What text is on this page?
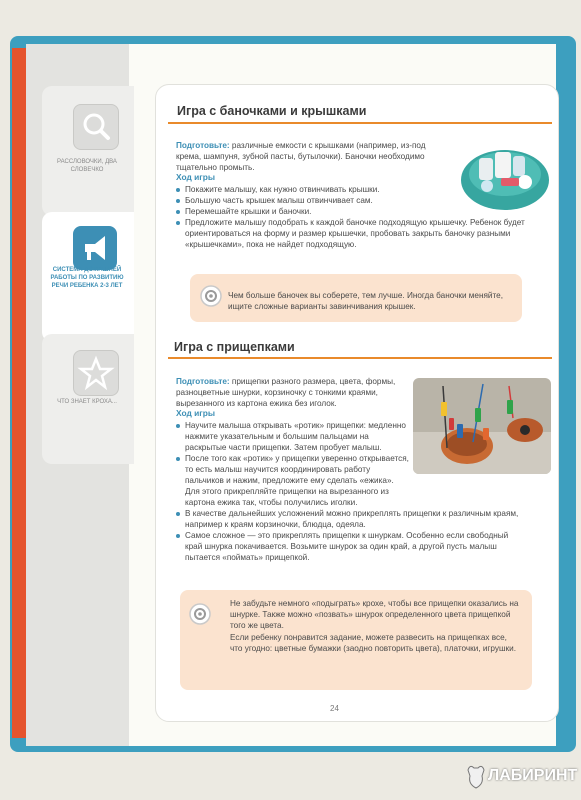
РАССЛОВОЧКИ, ДВА СЛОВЕЧКО
СИСТЕМА ДОМАШНЕЙ РАБОТЫ ПО РАЗВИТИЮ РЕЧИ РЕБЕНКА 2-3 ЛЕТ
ЧТО ЗНАЕТ КРОХА...
Игра с баночками и крышками
Подготовьте: различные емкости с крышками (например, из-под крема, шампуня, зубной пасты, бутылочки). Баночки необходимо тщательно промыть.
Ход игры
Покажите малышу, как нужно отвинчивать крышки.
Большую часть крышек малыш отвинчивает сам.
Перемешайте крышки и баночки.
Предложите малышу подобрать к каждой баночке подходящую крышечку. Ребенок будет ориентироваться на форму и размер крышечки, пробовать закрыть баночку разными «крышечками», пока не найдет подходящую.
Чем больше баночек вы соберете, тем лучше. Иногда баночки меняйте, ищите сложные варианты завинчивания крышек.
Игра с прищепками
Подготовьте: прищепки разного размера, цвета, формы, разноцветные шнурки, корзиночку с тонкими краями, вырезанного из картона ежика без иголок.
Ход игры
Научите малыша открывать «ротик» прищепки: медленно нажмите указательным и большим пальцами на раскрытые части прищепки. Затем пробует малыш.
После того как «ротик» у прищепки уверенно открывается, то есть малыш научится координировать работу пальчиков и нажим, предложите ему сделать «ежика». Для этого прикрепляйте прищепки на вырезанного из картона ежика так, чтобы получились иголки.
В качестве дальнейших усложнений можно прикреплять прищепки к различным краям, например к краям корзиночки, блюдца, одеяла.
Самое сложное — это прикреплять прищепки к шнуркам. Особенно если свободный край шнурка покачивается. Возьмите шнурок за один край, а другой пусть малыш пытается «поймать» прищепкой.
Не забудьте немного «подыграть» крохе, чтобы все прищепки оказались на шнурке. Также можно «позвать» шнурок определенного цвета прищепкой того же цвета.
Если ребенку понравится задание, можете развесить на прищепках все, что угодно: цветные бумажки (заодно повторить цвета), платочки, игрушки.
24
ЛАБИРИНТ
